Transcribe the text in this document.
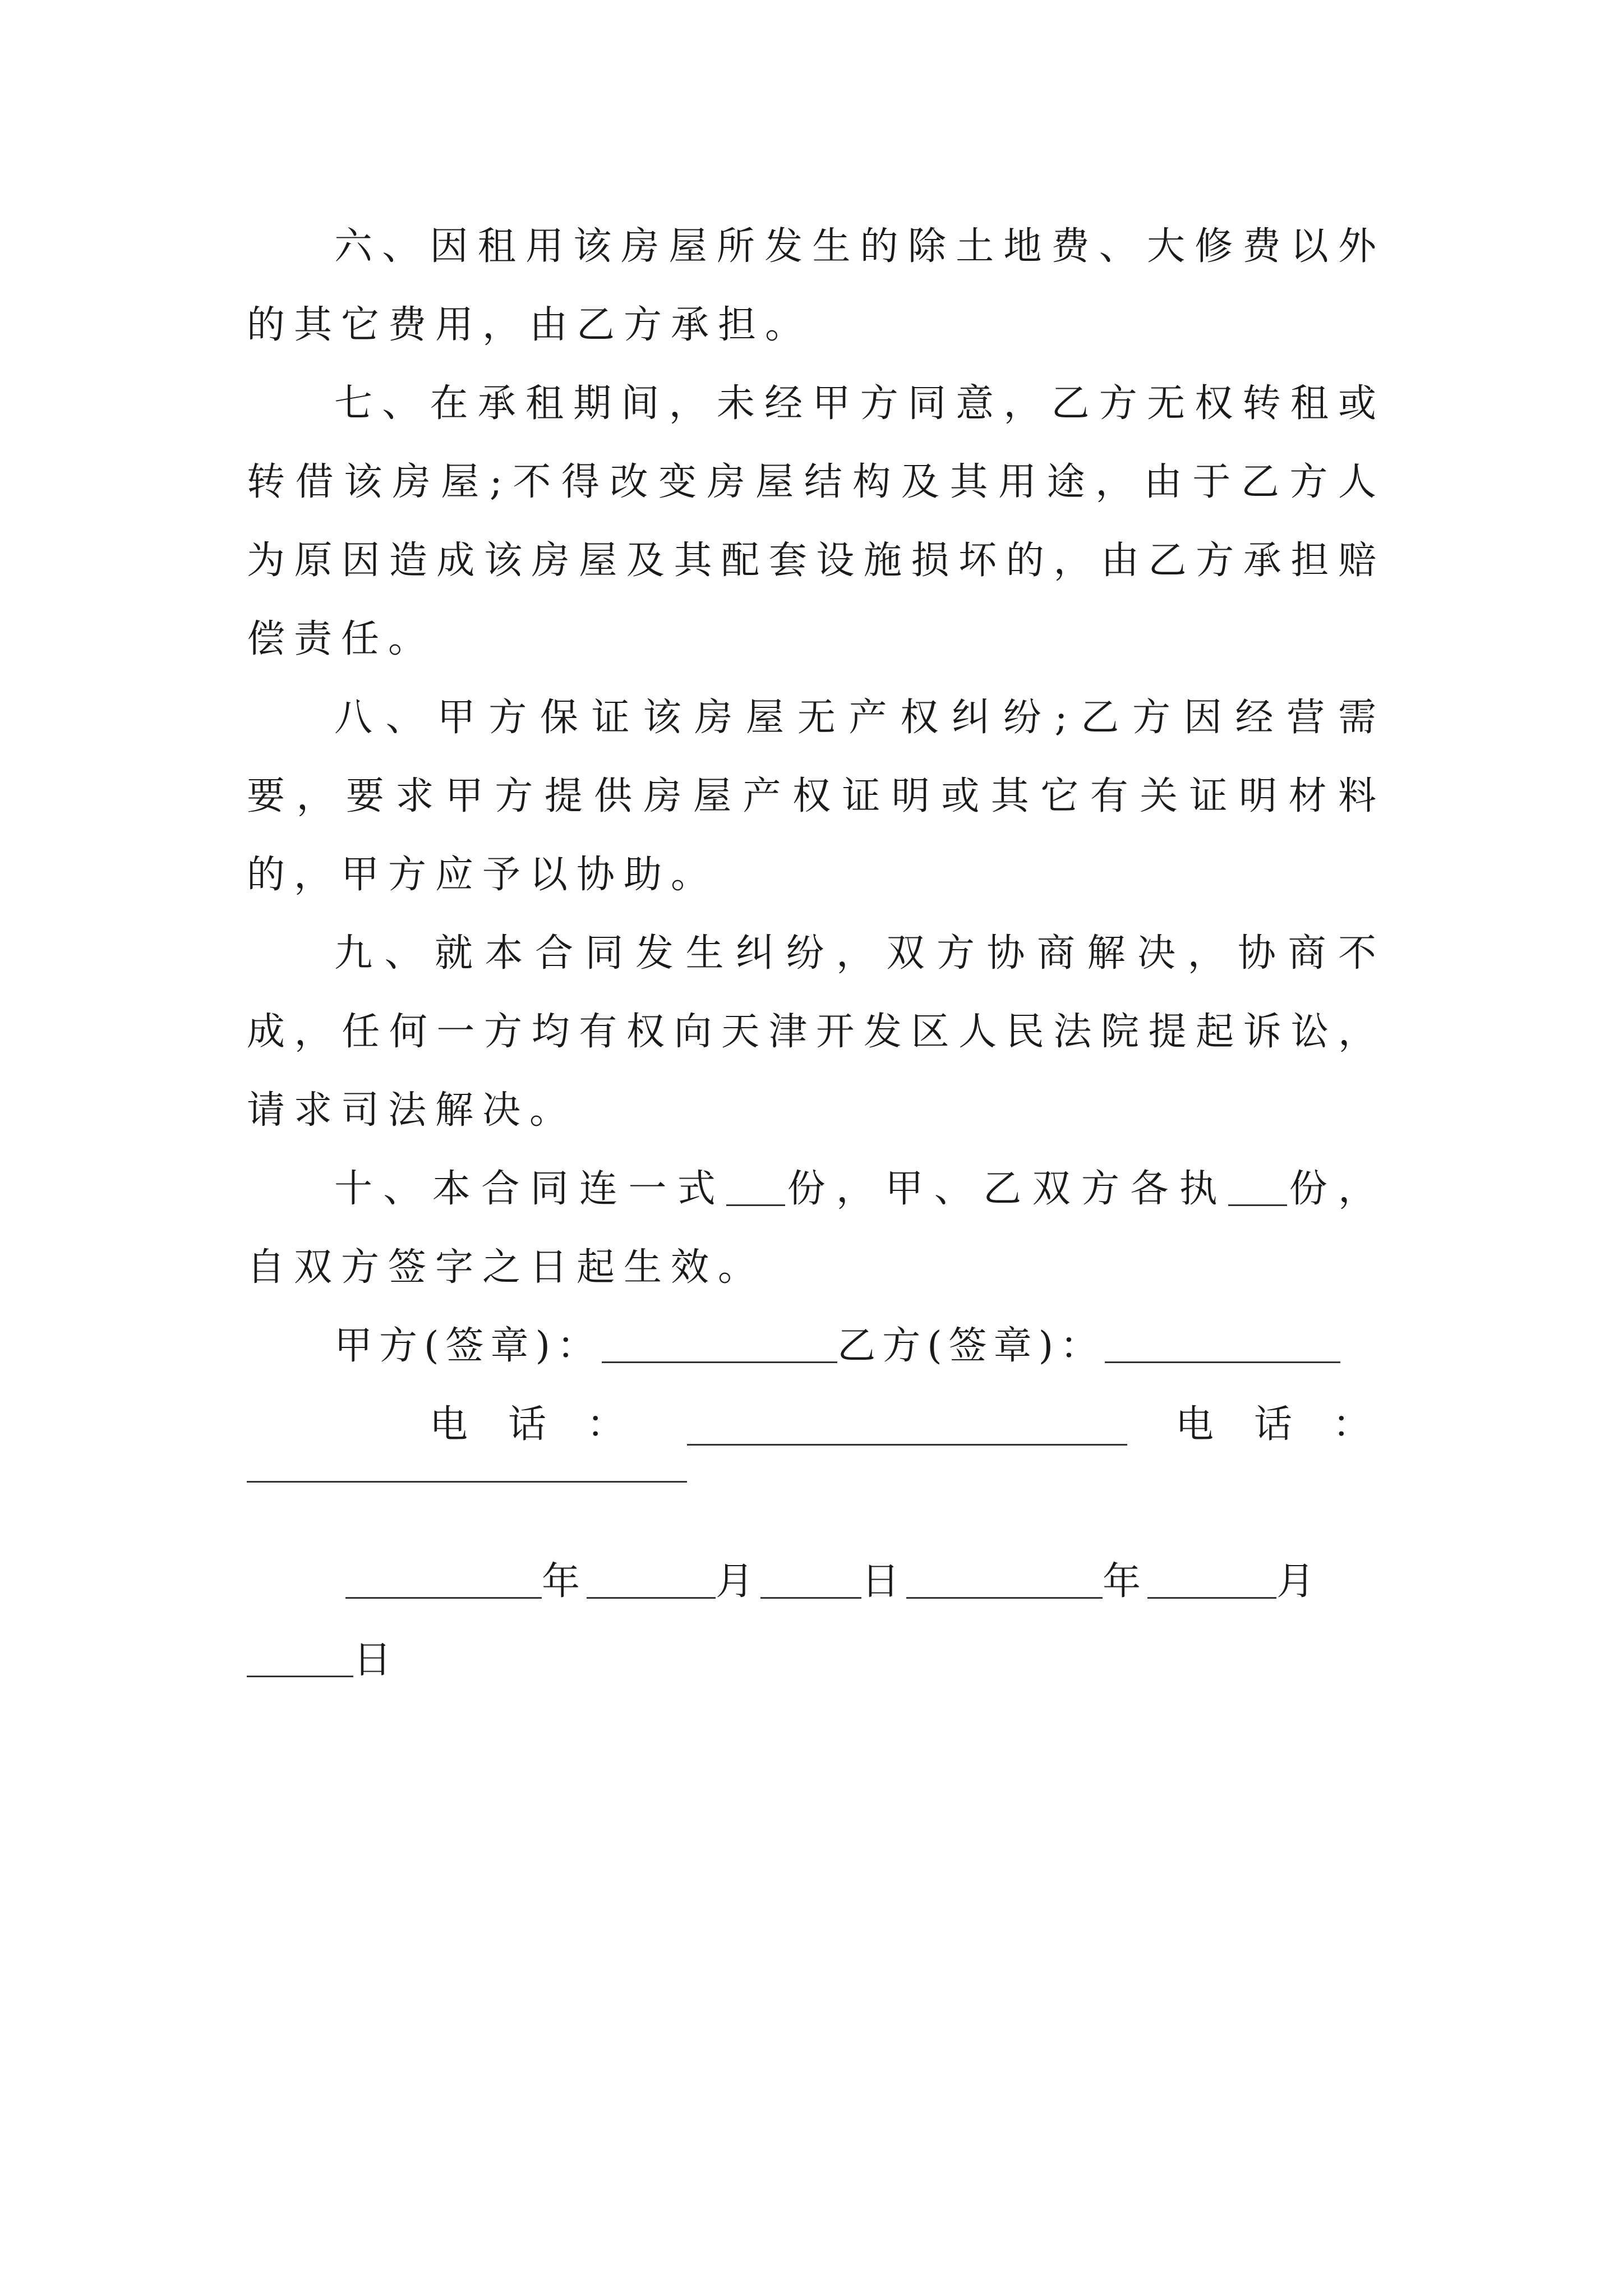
六、因租用该房屋所发生的除土地费、大修费以外的其它费用，由乙方承担。

七、在承租期间，未经甲方同意，乙方无权转租或转借该房屋;不得改变房屋结构及其用途，由于乙方人为原因造成该房屋及其配套设施损坏的，由乙方承担赔偿责任。

八、甲方保证该房屋无产权纠纷;乙方因经营需要，要求甲方提供房屋产权证明或其它有关证明材料的，甲方应予以协助。

九、就本合同发生纠纷，双方协商解决，协商不成，任何一方均有权向天津开发区人民法院提起诉讼，请求司法解决。

十、本合同连一式 份，甲、乙双方各执 份，自双方签字之日起生效。

甲方(签章)：	乙方(签章)：

电 话 ：	电 话 ：

年	月	日	年	月

日
